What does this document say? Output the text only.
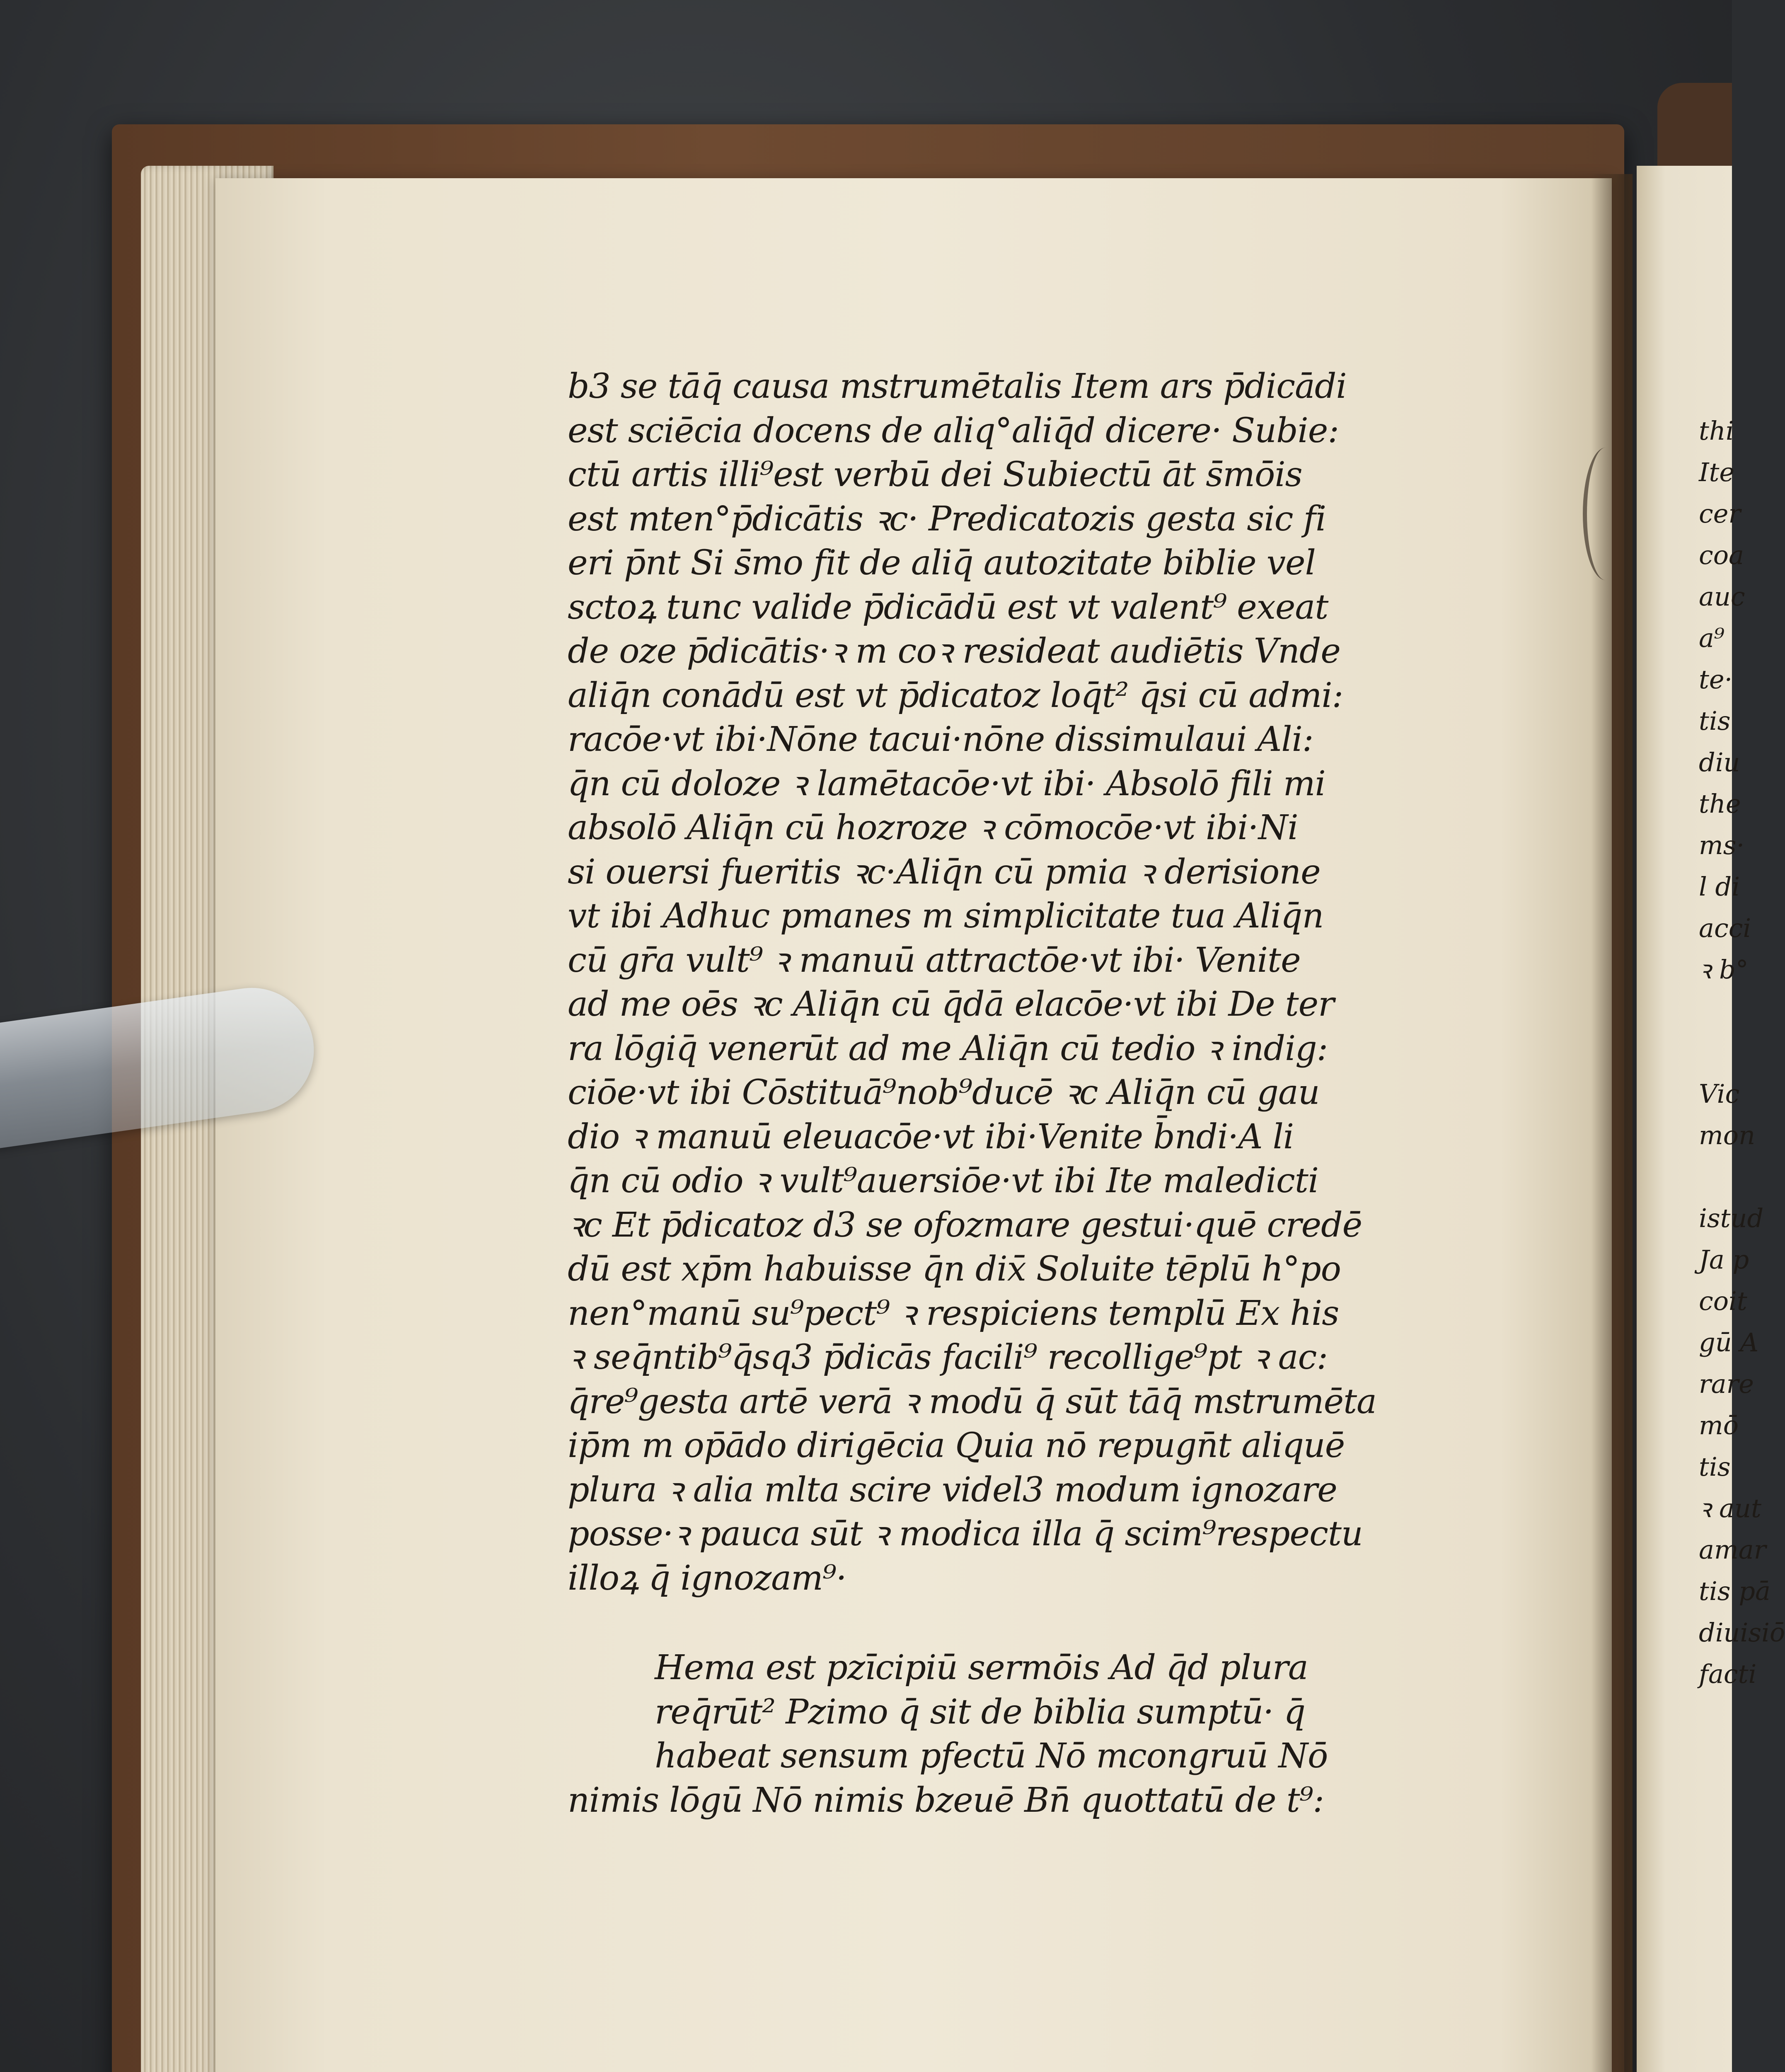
b3 se tāq̄ causa mstrumētalis Item ars p̄dicādi
est sciēcia docens de aliq°aliq̄d dicere· Subie:
ctū artis illi⁹est verbū dei Subiectū āt s̄mōis
est mten°p̄dicātis ꝛc· Predicatozis gesta sic fi
eri p̄nt Si s̄mo fit de aliq̄ autozitate biblie vel
sctoꝝ tunc valide p̄dicādū est vt valent⁹ exeat
de oze p̄dicātis·ꝛ m coꝛ resideat audiētis Vnde
aliq̄n conādū est vt p̄dicatoz loq̄t² q̄si cū admi:
racōe·vt ibi·Nōne tacui·nōne dissimulaui Ali:
q̄n cū doloze ꝛ lamētacōe·vt ibi· Absolō fili mi
absolō Aliq̄n cū hozroze ꝛ cōmocōe·vt ibi·Ni
si ouersi fueritis ꝛc·Aliq̄n cū pmia ꝛ derisione
vt ibi Adhuc pmanes m simplicitate tua Aliq̄n
cū gr̄a vult⁹ ꝛ manuū attractōe·vt ibi· Venite
ad me oēs ꝛc Aliq̄n cū q̄dā elacōe·vt ibi De ter
ra lōgiq̄ venerūt ad me Aliq̄n cū tedio ꝛ indig:
ciōe·vt ibi Cōstituā⁹nob⁹ducē ꝛc Aliq̄n cū gau
dio ꝛ manuū eleuacōe·vt ibi·Venite b̄ndi·A li
q̄n cū odio ꝛ vult⁹auersiōe·vt ibi Ite maledicti
ꝛc Et p̄dicatoz d3 se ofozmare gestui·quē credē
dū est xp̄m habuisse q̄n dix̄ Soluite tēplū h°po
nen°manū su⁹pect⁹ ꝛ respiciens templū Ex his
ꝛ seq̄ntib⁹q̄sq3 p̄dicās facili⁹ recollige⁹pt ꝛ ac:
q̄re⁹gesta artē verā ꝛ modū q̄ sūt tāq̄ mstrumēta
ip̄m m op̄ādo dirigēcia Quia nō repugn̄t aliquē
plura ꝛ alia mlta scire videl3 modum ignozare
posse·ꝛ pauca sūt ꝛ modica illa q̄ scim⁹respectu
illoꝝ q̄ ignozam⁹·
Hema est pzīcipiū sermōis Ad q̄d plura
req̄rūt² Pzimo q̄ sit de biblia sumptū· q̄
habeat sensum pfectū Nō mcongruū Nō
nimis lōgū Nō nimis bzeuē Bn̄ quottatū de t⁹:
thi
Ite
cer
coa
auc
a⁹
te·
tis
diu
the
ms·
l di
acci
ꝛ b°

Vic
mon

istud
Ja p
coit
gū A
rare
mō
tis
ꝛ aut
amar
tis pā
diuisiō
facti
